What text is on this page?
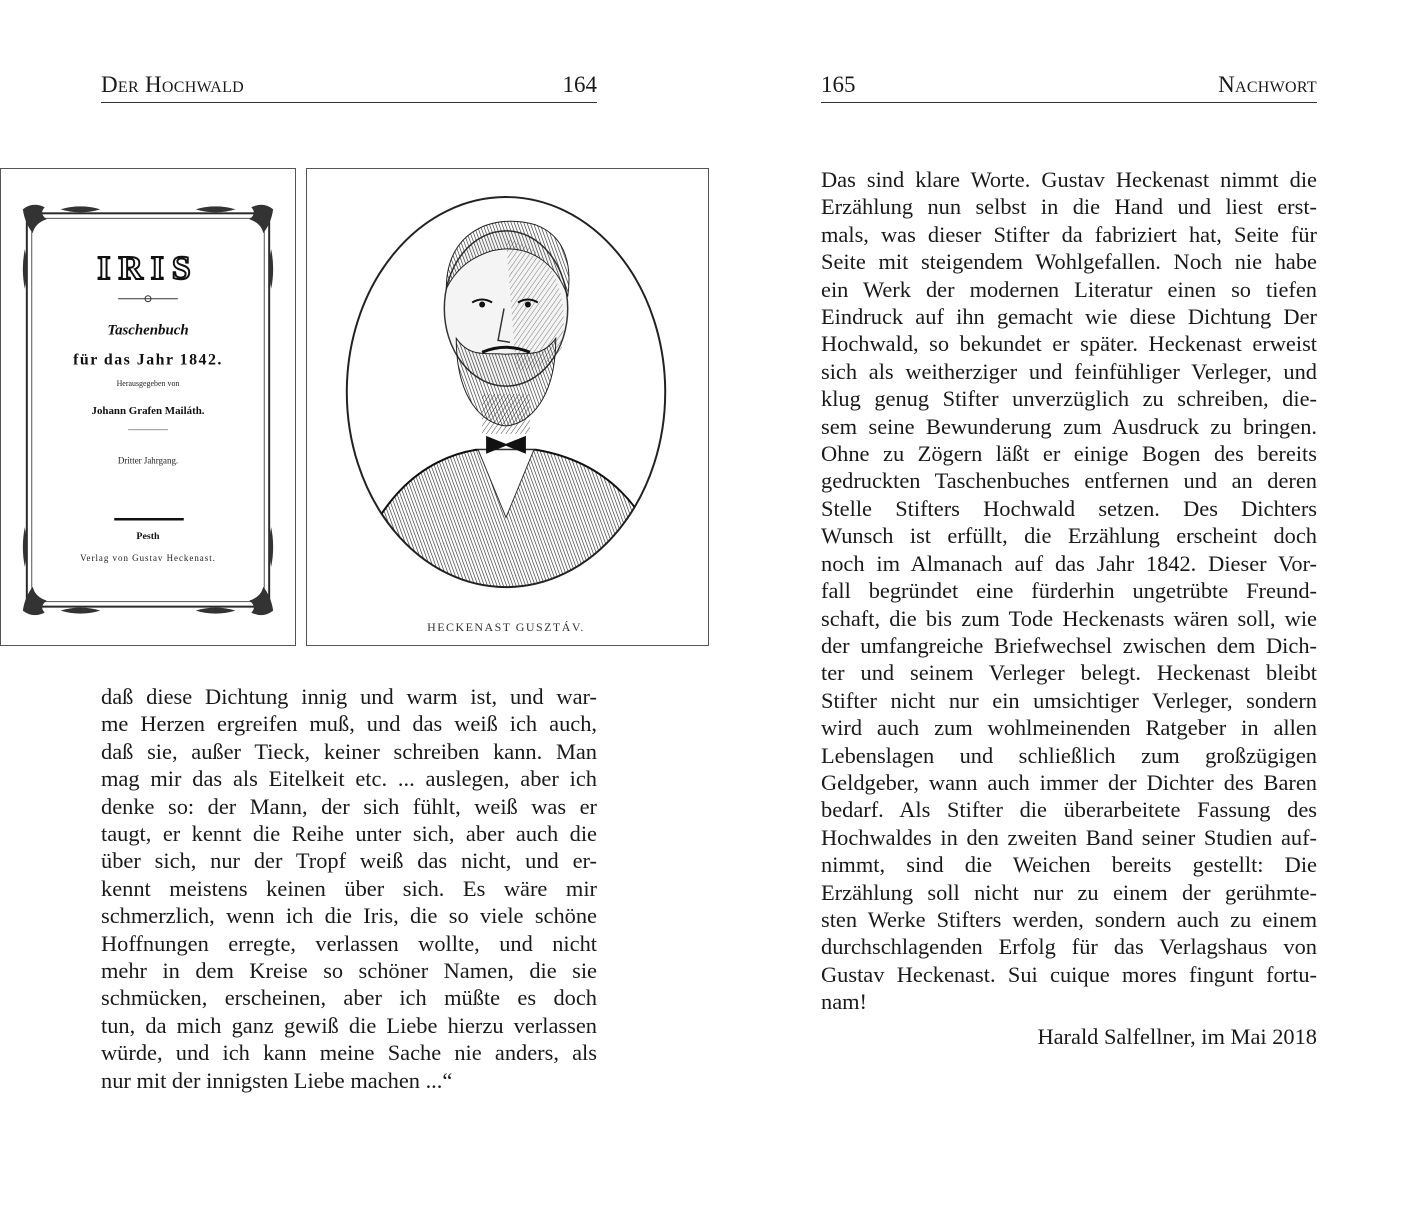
Der Hochwald	164
IRIS
Taschenbuch
für das Jahr 1842.
Herausgegeben von
Johann Grafen Mailáth.
Dritter Jahrgang.
Pesth
Verlag von Gustav Heckenast.
HECKENAST GUSZTÁV.

daß diese Dichtung innig und warm ist, und war-
me Herzen ergreifen muß, und das weiß ich auch,
daß sie, außer Tieck, keiner schreiben kann. Man
mag mir das als Eitelkeit etc. ... auslegen, aber ich
denke so: der Mann, der sich fühlt, weiß was er
taugt, er kennt die Reihe unter sich, aber auch die
über sich, nur der Tropf weiß das nicht, und er-
kennt meistens keinen über sich. Es wäre mir
schmerzlich, wenn ich die Iris, die so viele schöne
Hoffnungen erregte, verlassen wollte, und nicht
mehr in dem Kreise so schöner Namen, die sie
schmücken, erscheinen, aber ich müßte es doch
tun, da mich ganz gewiß die Liebe hierzu verlassen
würde, und ich kann meine Sache nie anders, als
nur mit der innigsten Liebe machen ...“

165	Nachwort

Das sind klare Worte. Gustav Heckenast nimmt die
Erzählung nun selbst in die Hand und liest erst-
mals, was dieser Stifter da fabriziert hat, Seite für
Seite mit steigendem Wohlgefallen. Noch nie habe
ein Werk der modernen Literatur einen so tiefen
Eindruck auf ihn gemacht wie diese Dichtung Der
Hochwald, so bekundet er später. Heckenast erweist
sich als weitherziger und feinfühliger Verleger, und
klug genug Stifter unverzüglich zu schreiben, die-
sem seine Bewunderung zum Ausdruck zu bringen.
Ohne zu Zögern läßt er einige Bogen des bereits
gedruckten Taschenbuches entfernen und an deren
Stelle Stifters Hochwald setzen. Des Dichters
Wunsch ist erfüllt, die Erzählung erscheint doch
noch im Almanach auf das Jahr 1842. Dieser Vor-
fall begründet eine fürderhin ungetrübte Freund-
schaft, die bis zum Tode Heckenasts wären soll, wie
der umfangreiche Briefwechsel zwischen dem Dich-
ter und seinem Verleger belegt. Heckenast bleibt
Stifter nicht nur ein umsichtiger Verleger, sondern
wird auch zum wohlmeinenden Ratgeber in allen
Lebenslagen und schließlich zum großzügigen
Geldgeber, wann auch immer der Dichter des Baren
bedarf. Als Stifter die überarbeitete Fassung des
Hochwaldes in den zweiten Band seiner Studien auf-
nimmt, sind die Weichen bereits gestellt: Die
Erzählung soll nicht nur zu einem der gerühmte-
sten Werke Stifters werden, sondern auch zu einem
durchschlagenden Erfolg für das Verlagshaus von
Gustav Heckenast. Sui cuique mores fingunt fortu-
nam!

Harald Salfellner, im Mai 2018
